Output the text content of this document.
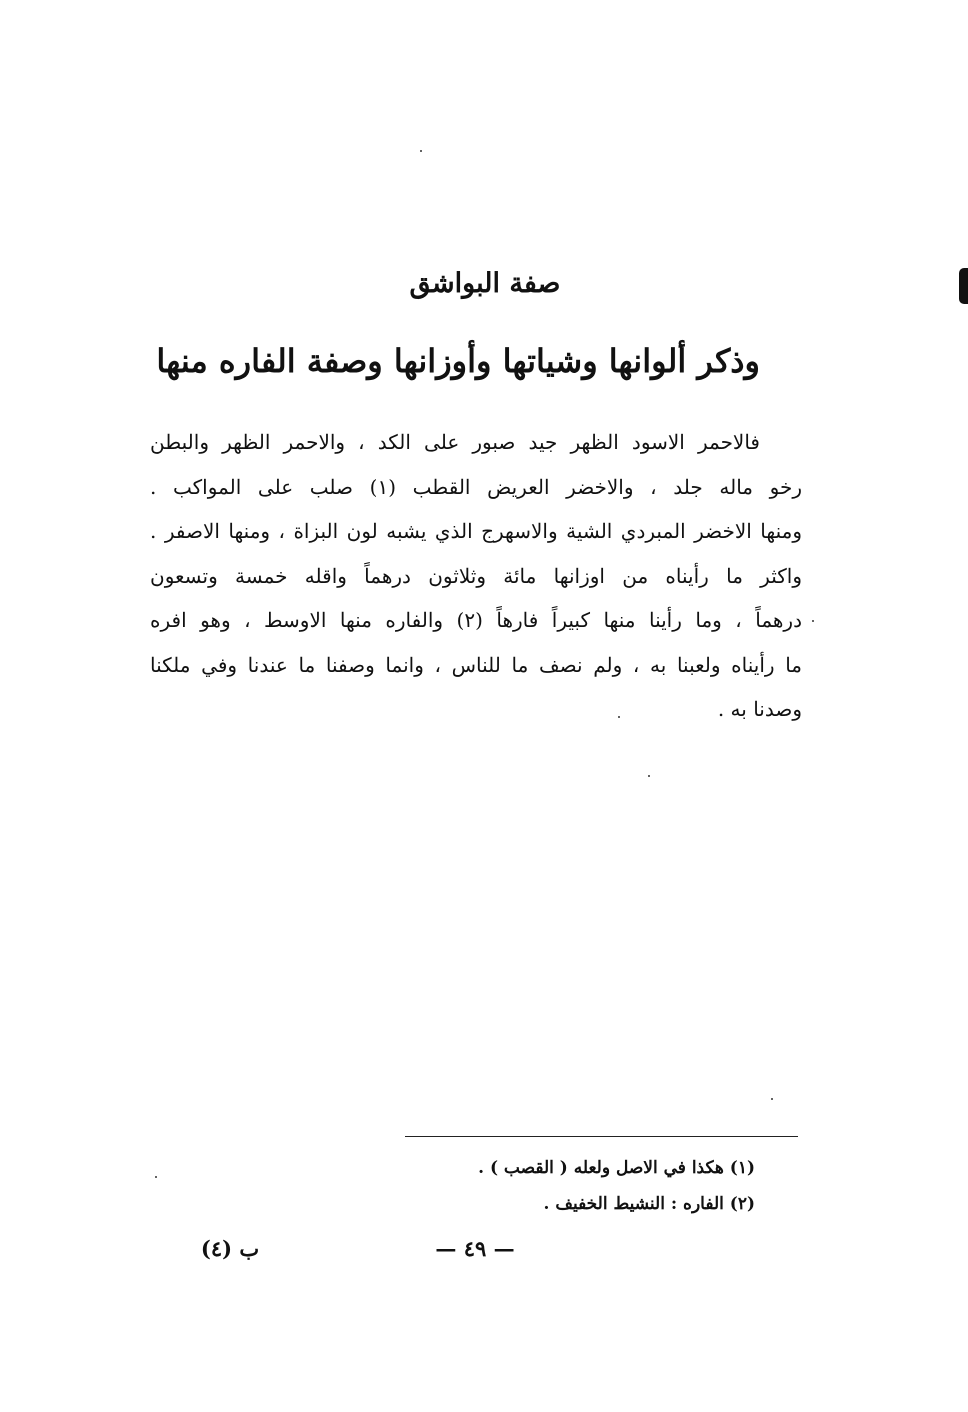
صفة البواشق
وذكر ألوانها وشياتها وأوزانها وصفة الفاره منها
فالاحمر الاسود الظهر جيد صبور على الكد ، والاحمر الظهر والبطن
رخو ماله جلد ، والاخضر العريض القطب (١) صلب على المواكب .
ومنها الاخضر المبردي الشية والاسهرج الذي يشبه لون البزاة ، ومنها الاصفر .
واكثر ما رأيناه من اوزانها مائة وثلاثون درهماً واقله خمسة وتسعون
درهماً ، وما رأينا منها كبيراً فارهاً (٢) والفاره منها الاوسط ، وهو افره
ما رأيناه ولعبنا به ، ولم نصف ما للناس ، وانما وصفنا ما عندنا وفي ملكنا
وصدنا به .
(١) هكذا في الاصل ولعله ( القصب ) .
(٢) الفاره : النشيط الخفيف .
— ٤٩ —
ب (٤)
